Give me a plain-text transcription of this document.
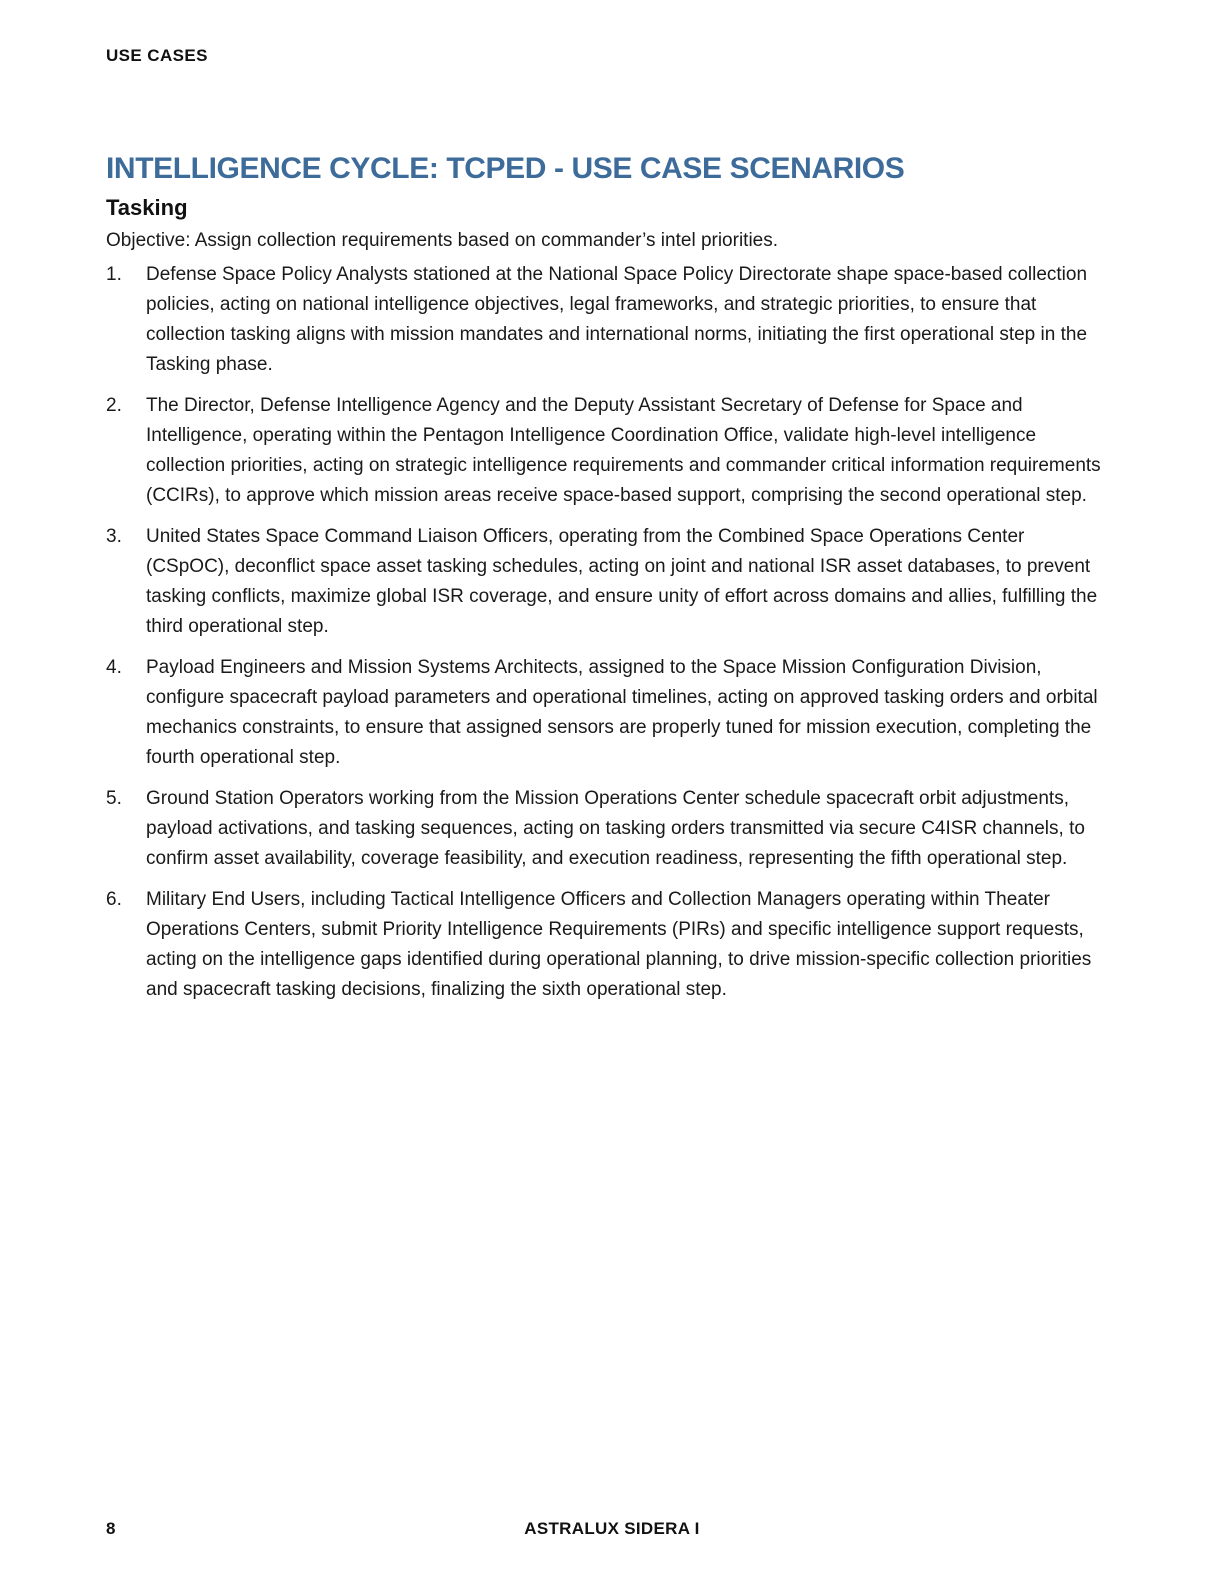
USE CASES
INTELLIGENCE CYCLE: TCPED - USE CASE SCENARIOS
Tasking

Objective: Assign collection requirements based on commander’s intel priorities.

1.	Defense Space Policy Analysts stationed at the National Space Policy Directorate shape space-based collection policies, acting on national intelligence objectives, legal frameworks, and strategic priorities, to ensure that collection tasking aligns with mission mandates and international norms, initiating the first operational step in the Tasking phase.
2.	The Director, Defense Intelligence Agency and the Deputy Assistant Secretary of Defense for Space and Intelligence, operating within the Pentagon Intelligence Coordination Office, validate high-level intelligence collection priorities, acting on strategic intelligence requirements and commander critical information requirements (CCIRs), to approve which mission areas receive space-based support, comprising the second operational step.
3.	United States Space Command Liaison Officers, operating from the Combined Space Operations Center (CSpOC), deconflict space asset tasking schedules, acting on joint and national ISR asset databases, to prevent tasking conflicts, maximize global ISR coverage, and ensure unity of effort across domains and allies, fulfilling the third operational step.
4.	Payload Engineers and Mission Systems Architects, assigned to the Space Mission Configuration Division, configure spacecraft payload parameters and operational timelines, acting on approved tasking orders and orbital mechanics constraints, to ensure that assigned sensors are properly tuned for mission execution, completing the fourth operational step.
5.	Ground Station Operators working from the Mission Operations Center schedule spacecraft orbit adjustments, payload activations, and tasking sequences, acting on tasking orders transmitted via secure C4ISR channels, to confirm asset availability, coverage feasibility, and execution readiness, representing the fifth operational step.
6.	Military End Users, including Tactical Intelligence Officers and Collection Managers operating within Theater Operations Centers, submit Priority Intelligence Requirements (PIRs) and specific intelligence support requests, acting on the intelligence gaps identified during operational planning, to drive mission-specific collection priorities and spacecraft tasking decisions, finalizing the sixth operational step.
8	ASTRALUX SIDERA I
